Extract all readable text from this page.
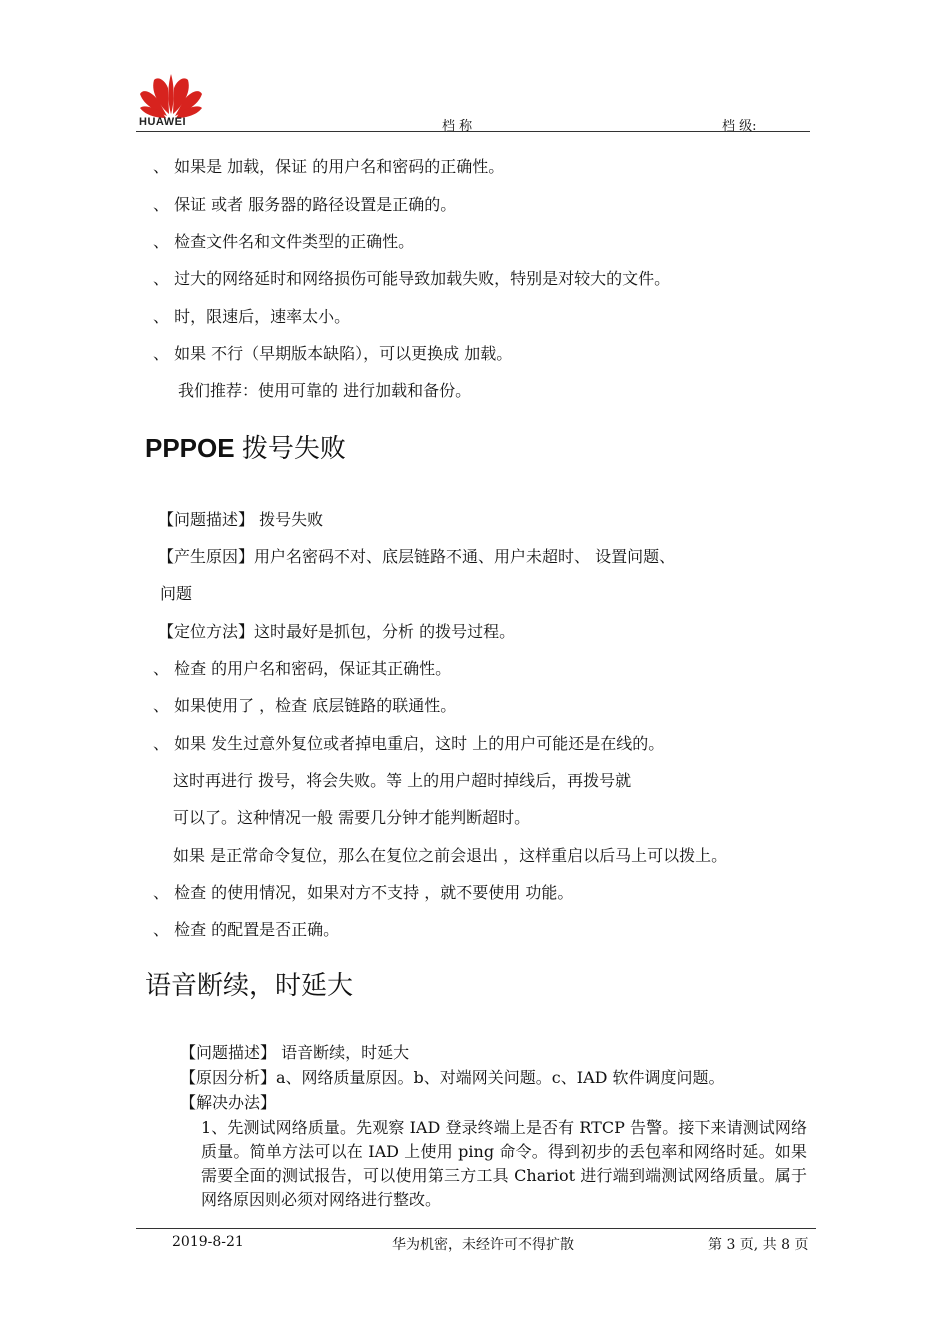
HUAWEI	档 称	档 级:
、 如果是 加载，保证 的用户名和密码的正确性。
、 保证 或者 服务器的路径设置是正确的。
、 检查文件名和文件类型的正确性。
、 过大的网络延时和网络损伤可能导致加载失败，特别是对较大的文件。
、 时，限速后，速率太小。
、 如果 不行（早期版本缺陷），可以更换成 加载。
我们推荐：使用可靠的 进行加载和备份。
PPPOE 拨号失败
【问题描述】 拨号失败
【产生原因】用户名密码不对、底层链路不通、用户未超时、 设置问题、
问题
【定位方法】这时最好是抓包，分析 的拨号过程。
、 检查 的用户名和密码，保证其正确性。
、 如果使用了 ，检查 底层链路的联通性。
、 如果 发生过意外复位或者掉电重启，这时 上的用户可能还是在线的。
这时再进行 拨号，将会失败。等 上的用户超时掉线后，再拨号就
可以了。这种情况一般 需要几分钟才能判断超时。
如果 是正常命令复位，那么在复位之前会退出 ，这样重启以后马上可以拨上。
、 检查 的使用情况，如果对方不支持 ，就不要使用 功能。
、 检查 的配置是否正确。
语音断续，时延大
【问题描述】 语音断续，时延大
【原因分析】a、网络质量原因。b、对端网关问题。c、IAD 软件调度问题。
【解决办法】
1、先测试网络质量。先观察 IAD 登录终端上是否有 RTCP 告警。接下来请测试网络质量。简单方法可以在 IAD 上使用 ping 命令。得到初步的丢包率和网络时延。如果需要全面的测试报告，可以使用第三方工具 Chariot 进行端到端测试网络质量。属于网络原因则必须对网络进行整改。
2019-8-21	华为机密，未经许可不得扩散	第 3 页, 共 8 页
